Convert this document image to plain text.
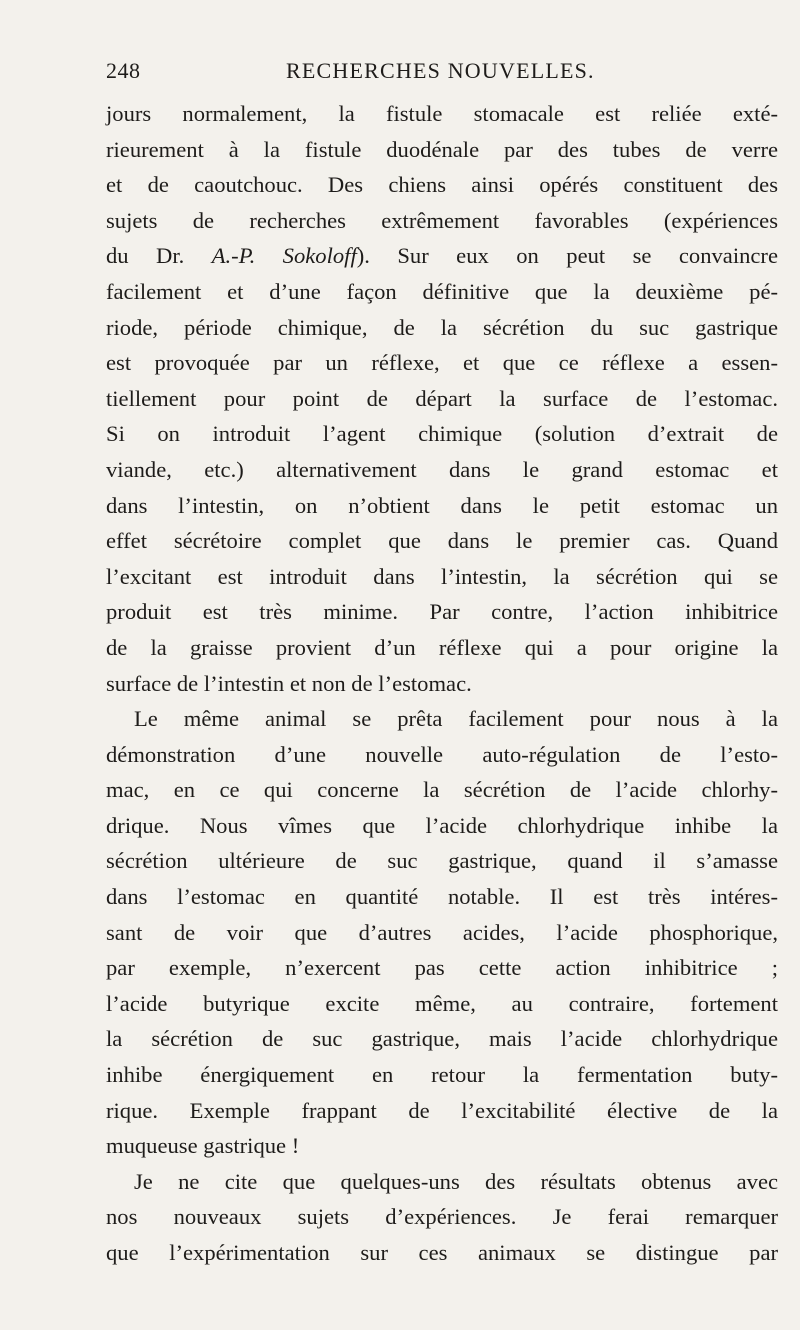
248	RECHERCHES NOUVELLES.
jours normalement, la fistule stomacale est reliée exté-
rieurement à la fistule duodénale par des tubes de verre
et de caoutchouc. Des chiens ainsi opérés constituent des
sujets de recherches extrêmement favorables (expériences
du Dr. A.-P. Sokoloff). Sur eux on peut se convaincre
facilement et d’une façon définitive que la deuxième pé-
riode, période chimique, de la sécrétion du suc gastrique
est provoquée par un réflexe, et que ce réflexe a essen-
tiellement pour point de départ la surface de l’estomac.
Si on introduit l’agent chimique (solution d’extrait de
viande, etc.) alternativement dans le grand estomac et
dans l’intestin, on n’obtient dans le petit estomac un
effet sécrétoire complet que dans le premier cas. Quand
l’excitant est introduit dans l’intestin, la sécrétion qui se
produit est très minime. Par contre, l’action inhibitrice
de la graisse provient d’un réflexe qui a pour origine la
surface de l’intestin et non de l’estomac.
Le même animal se prêta facilement pour nous à la
démonstration d’une nouvelle auto-régulation de l’esto-
mac, en ce qui concerne la sécrétion de l’acide chlorhy-
drique. Nous vîmes que l’acide chlorhydrique inhibe la
sécrétion ultérieure de suc gastrique, quand il s’amasse
dans l’estomac en quantité notable. Il est très intéres-
sant de voir que d’autres acides, l’acide phosphorique,
par exemple, n’exercent pas cette action inhibitrice ;
l’acide butyrique excite même, au contraire, fortement
la sécrétion de suc gastrique, mais l’acide chlorhydrique
inhibe énergiquement en retour la fermentation buty-
rique. Exemple frappant de l’excitabilité élective de la
muqueuse gastrique !
Je ne cite que quelques-uns des résultats obtenus avec
nos nouveaux sujets d’expériences. Je ferai remarquer
que l’expérimentation sur ces animaux se distingue par
